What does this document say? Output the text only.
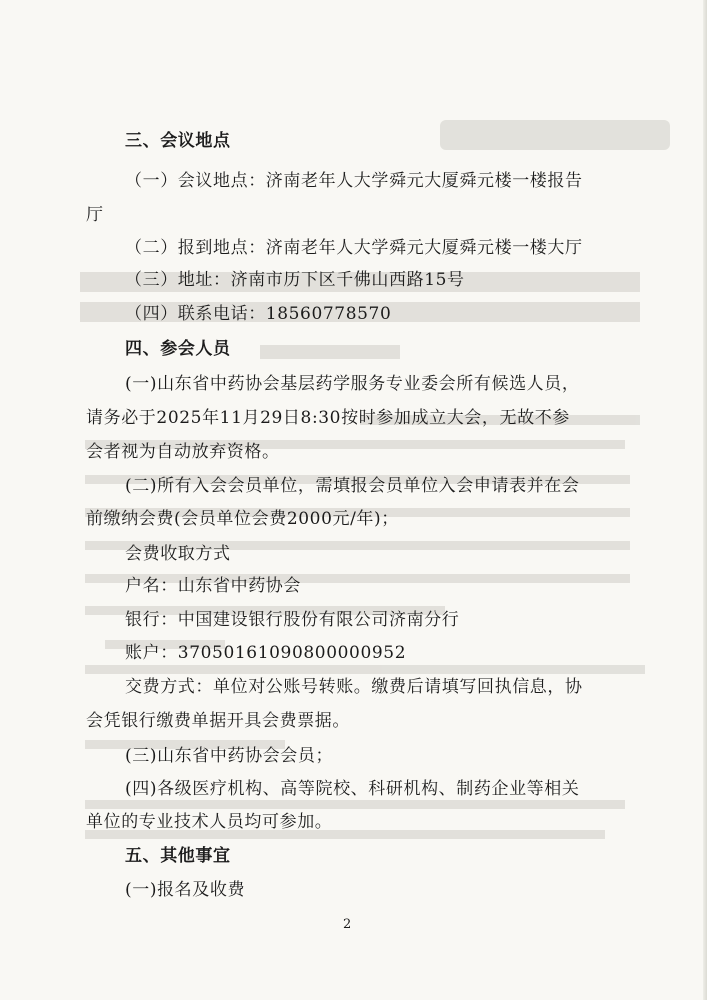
三、会议地点
（一）会议地点：济南老年人大学舜元大厦舜元楼一楼报告
厅
（二）报到地点：济南老年人大学舜元大厦舜元楼一楼大厅
（三）地址：济南市历下区千佛山西路15号
（四）联系电话：18560778570
四、参会人员
(一)山东省中药协会基层药学服务专业委会所有候选人员，
请务必于2025年11月29日8:30按时参加成立大会，无故不参
会者视为自动放弃资格。
(二)所有入会会员单位，需填报会员单位入会申请表并在会
前缴纳会费(会员单位会费2000元/年)；
会费收取方式
户名：山东省中药协会
银行：中国建设银行股份有限公司济南分行
账户：37050161090800000952
交费方式：单位对公账号转账。缴费后请填写回执信息，协
会凭银行缴费单据开具会费票据。
(三)山东省中药协会会员；
(四)各级医疗机构、高等院校、科研机构、制药企业等相关
单位的专业技术人员均可参加。
五、其他事宜
(一)报名及收费
2
